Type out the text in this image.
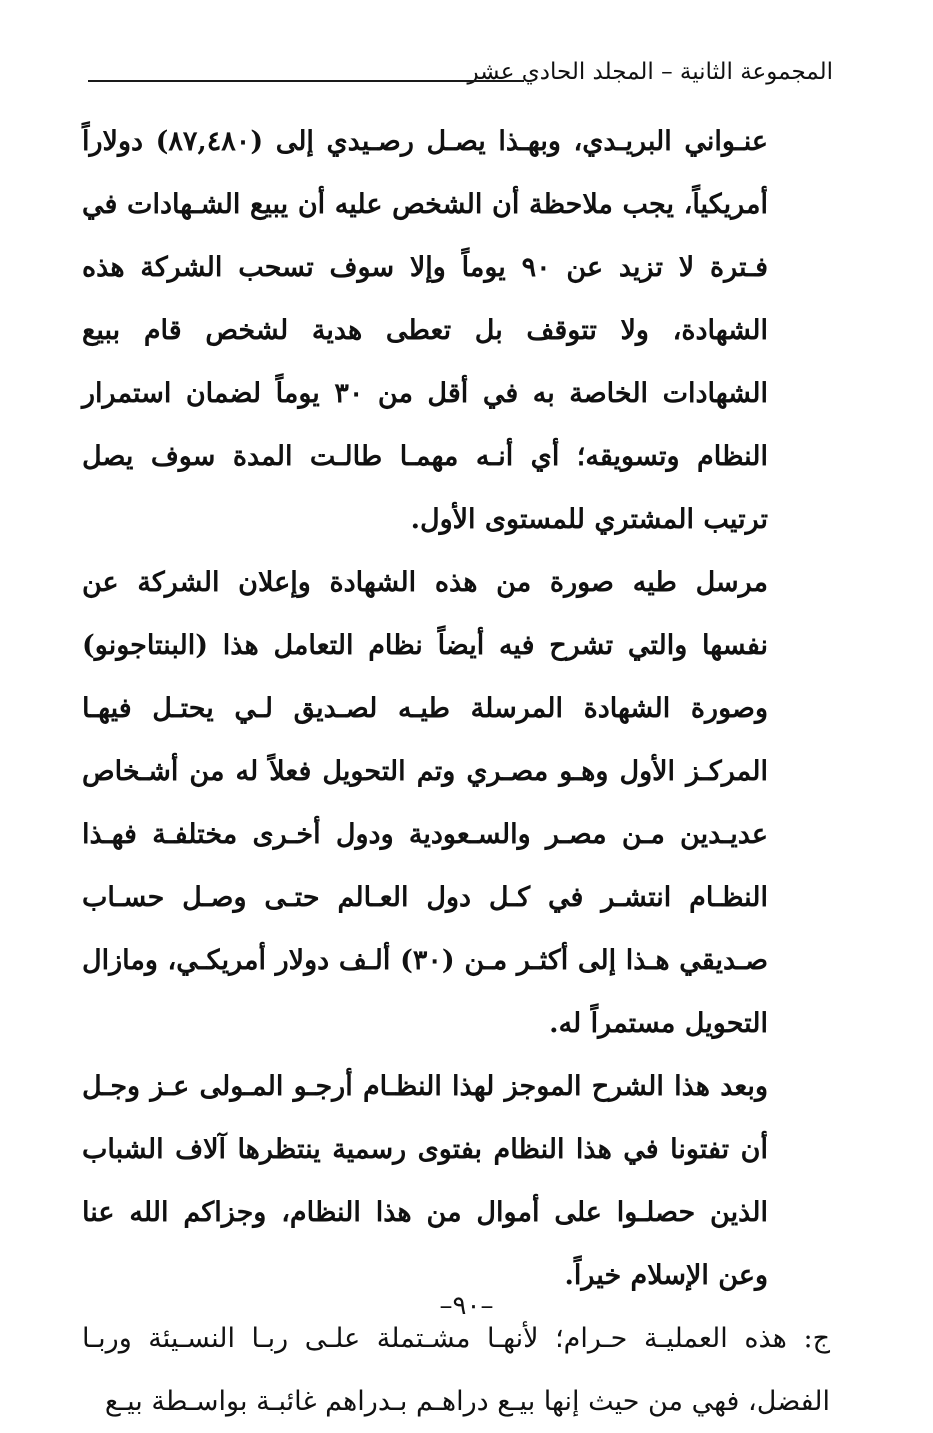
المجموعة الثانية – المجلد الحادي عشر

عنـواني البريـدي، وبهـذا يصـل رصـيدي إلى (٨٧,٤٨٠) دولاراً أمريكياً، يجب ملاحظة أن الشخص عليه أن يبيع الشـهادات في فـترة لا تزيد عن ٩٠ يوماً وإلا سوف تسحب الشركة هذه الشهادة، ولا تتوقف بل تعطى هدية لشخص قام ببيع الشهادات الخاصة به في أقل من ٣٠ يوماً لضمان استمرار النظام وتسويقه؛ أي أنـه مهمـا طالـت المدة سوف يصل ترتيب المشتري للمستوى الأول.

مرسل طيه صورة من هذه الشهادة وإعلان الشركة عن نفسها والتي تشرح فيه أيضاً نظام التعامل هذا (البنتاجونو) وصورة الشهادة المرسلة طيـه لصـديق لـي يحتـل فيهـا المركـز الأول وهـو مصـري وتم التحويل فعلاً له من أشـخاص عديـدين مـن مصـر والسـعودية ودول أخـرى مختلفـة فهـذا النظـام انتشـر في كـل دول العـالم حتـى وصـل حسـاب صـديقي هـذا إلى أكثـر مـن (٣٠) ألـف دولار أمريكـي، ومازال التحويل مستمراً له.

وبعد هذا الشرح الموجز لهذا النظـام أرجـو المـولى عـز وجـل أن تفتونا في هذا النظام بفتوى رسمية ينتظرها آلاف الشباب الذين حصلـوا على أموال من هذا النظام، وجزاكم الله عنا وعن الإسلام خيراً.

ج: هذه العمليـة حـرام؛ لأنهـا مشـتملة علـى ربـا النسـيئة وربـا الفضل، فهي من حيث إنها بيـع دراهـم بـدراهم غائبـة بواسـطة بيـع

–٩٠–
